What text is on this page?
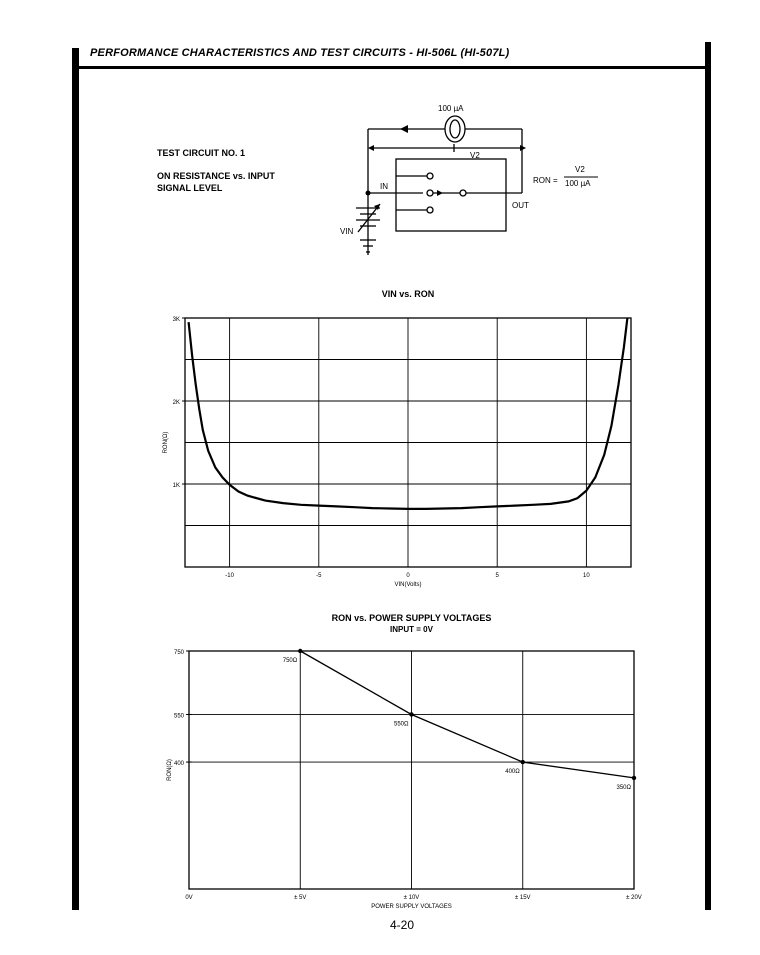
PERFORMANCE CHARACTERISTICS AND TEST CIRCUITS - HI-506L (HI-507L)
TEST CIRCUIT NO. 1
ON RESISTANCE vs. INPUT SIGNAL LEVEL
100 µA
V2
IN
OUT
VIN
RON =
V2
100 µA
VIN vs. RON
1K
2K
3K
-10	-5	0	5	10
VIN(Volts)
RON(Ω)
RON vs. POWER SUPPLY VOLTAGES
INPUT = 0V
750
550
400
0V	± 5V	± 10V	± 15V	± 20V
POWER SUPPLY VOLTAGES
RON(Ω)
750Ω
550Ω
400Ω
350Ω
4-20
